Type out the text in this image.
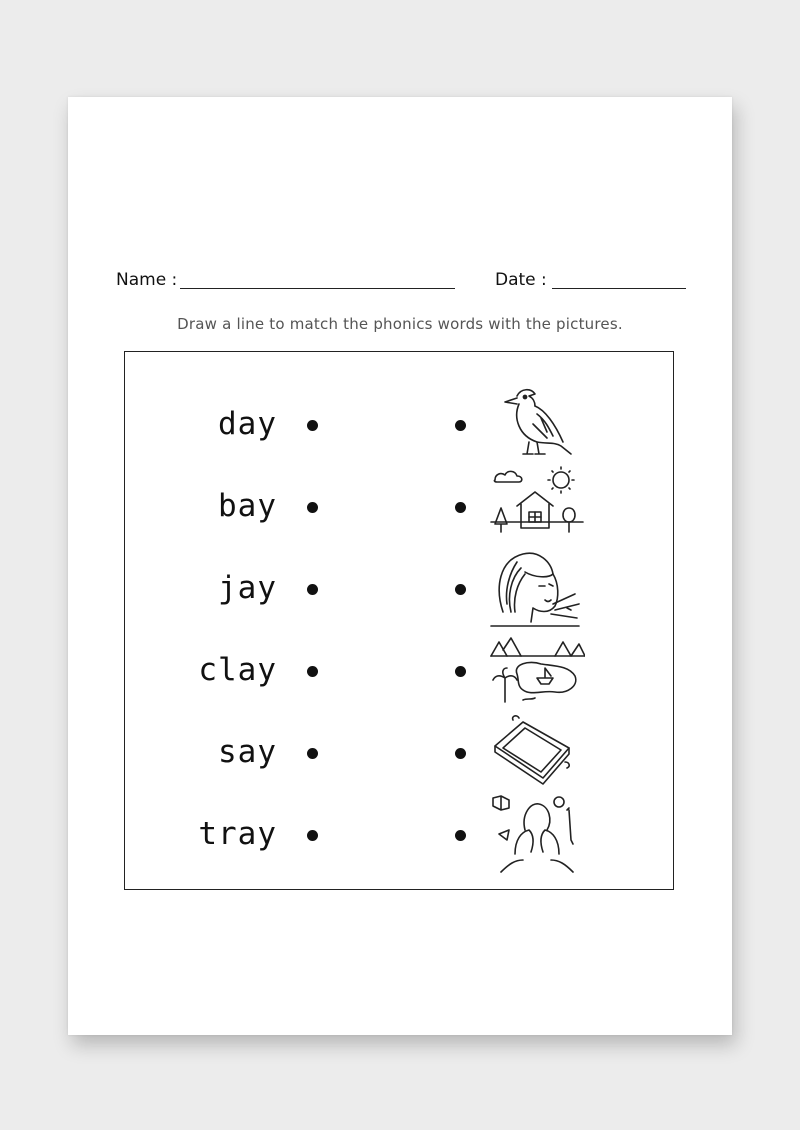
Name :	Date :
Draw a line to match the phonics words with the pictures.
day
bay
jay
clay
say
tray
